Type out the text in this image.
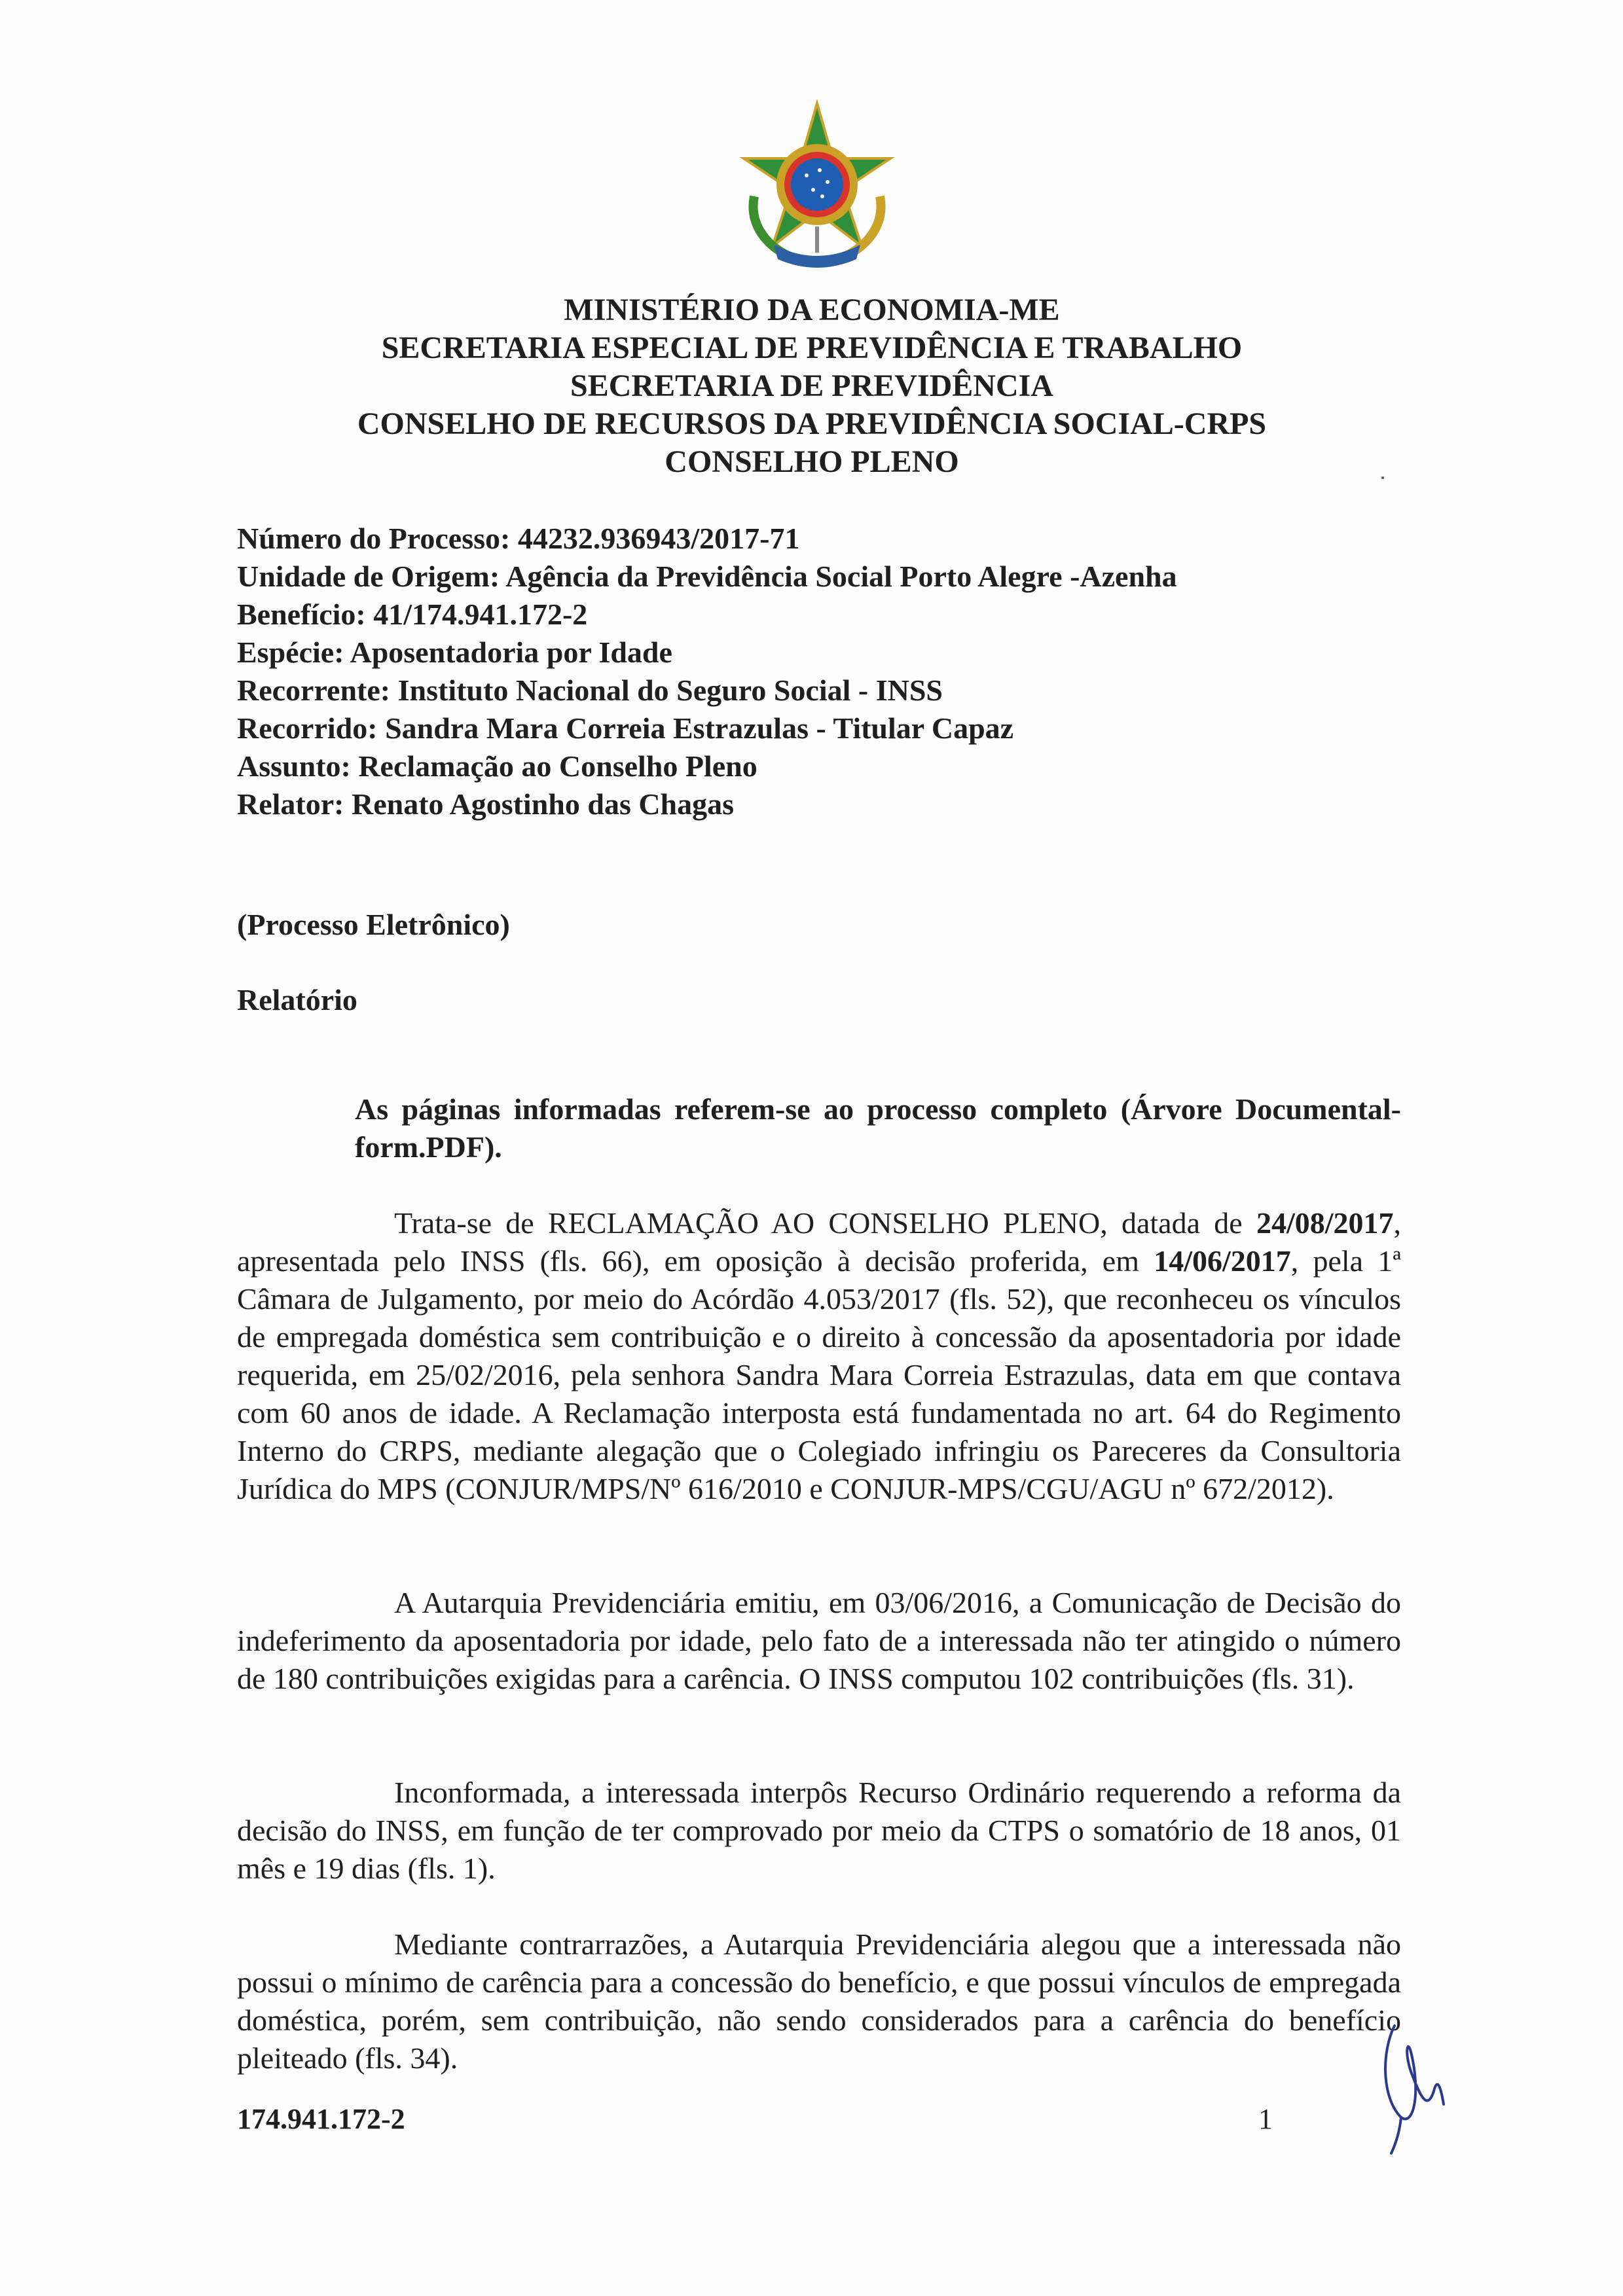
MINISTÉRIO DA ECONOMIA-ME
SECRETARIA ESPECIAL DE PREVIDÊNCIA E TRABALHO
SECRETARIA DE PREVIDÊNCIA
CONSELHO DE RECURSOS DA PREVIDÊNCIA SOCIAL-CRPS
CONSELHO PLENO
Número do Processo: 44232.936943/2017-71
Unidade de Origem: Agência da Previdência Social Porto Alegre -Azenha
Benefício: 41/174.941.172-2
Espécie: Aposentadoria por Idade
Recorrente: Instituto Nacional do Seguro Social - INSS
Recorrido: Sandra Mara Correia Estrazulas - Titular Capaz
Assunto: Reclamação ao Conselho Pleno
Relator: Renato Agostinho das Chagas
(Processo Eletrônico)
Relatório
As páginas informadas referem-se ao processo completo (Árvore Documental-form.PDF).
Trata-se de RECLAMAÇÃO AO CONSELHO PLENO, datada de 24/08/2017, apresentada pelo INSS (fls. 66), em oposição à decisão proferida, em 14/06/2017, pela 1ª Câmara de Julgamento, por meio do Acórdão 4.053/2017 (fls. 52), que reconheceu os vínculos de empregada doméstica sem contribuição e o direito à concessão da aposentadoria por idade requerida, em 25/02/2016, pela senhora Sandra Mara Correia Estrazulas, data em que contava com 60 anos de idade. A Reclamação interposta está fundamentada no art. 64 do Regimento Interno do CRPS, mediante alegação que o Colegiado infringiu os Pareceres da Consultoria Jurídica do MPS (CONJUR/MPS/Nº 616/2010 e CONJUR-MPS/CGU/AGU nº 672/2012).
A Autarquia Previdenciária emitiu, em 03/06/2016, a Comunicação de Decisão do indeferimento da aposentadoria por idade, pelo fato de a interessada não ter atingido o número de 180 contribuições exigidas para a carência. O INSS computou 102 contribuições (fls. 31).
Inconformada, a interessada interpôs Recurso Ordinário requerendo a reforma da decisão do INSS, em função de ter comprovado por meio da CTPS o somatório de 18 anos, 01 mês e 19 dias (fls. 1).
Mediante contrarrazões, a Autarquia Previdenciária alegou que a interessada não possui o mínimo de carência para a concessão do benefício, e que possui vínculos de empregada doméstica, porém, sem contribuição, não sendo considerados para a carência do benefício pleiteado (fls. 34).
174.941.172-2	1
